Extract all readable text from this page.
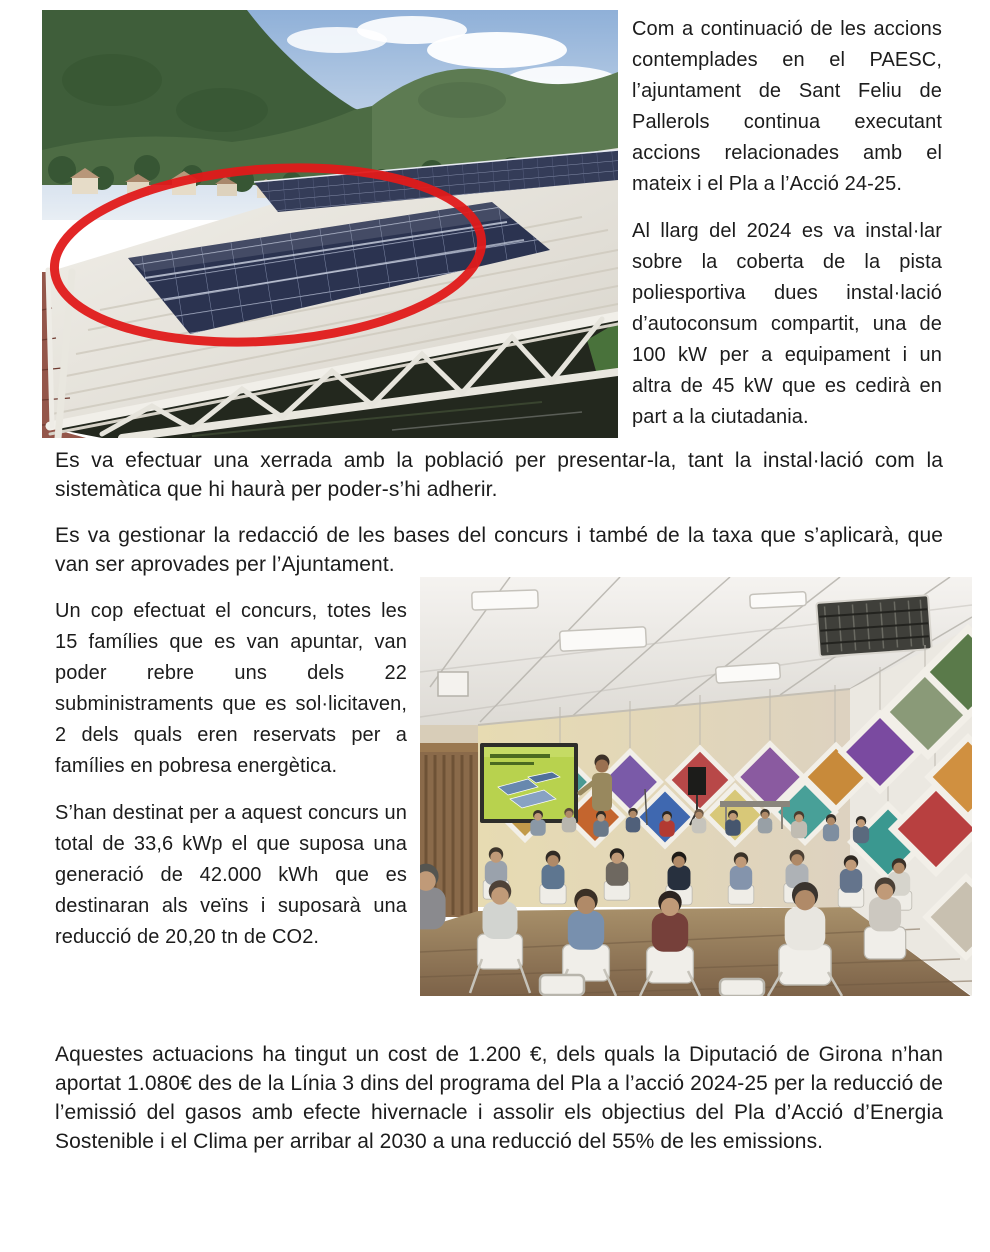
Com a continuació de les accions contemplades en el PAESC, l’ajuntament de Sant Feliu de Pallerols continua executant accions relacionades amb el mateix i el Pla a l’Acció 24-25.
Al llarg del 2024 es va instal·lar sobre la coberta de la pista poliesportiva dues instal·lació d’autoconsum compartit, una de 100 kW per a equipament i un altra de 45 kW que es cedirà en part a la ciutadania.
Es va efectuar una xerrada amb la població per presentar-la, tant la instal·lació com la sistemàtica que hi haurà per poder-s’hi adherir.
Es va gestionar la redacció de les bases del concurs i també de la taxa que s’aplicarà, que van ser aprovades per l’Ajuntament.
Un cop efectuat el concurs, totes les 15 famílies que es van apuntar, van poder rebre uns dels 22 subministraments que es sol·licitaven, 2 dels quals eren reservats per a famílies en pobresa energètica.
S’han destinat per a aquest concurs un total de 33,6 kWp el que suposa una generació de 42.000 kWh que es destinaran als veïns i suposarà una reducció de 20,20 tn de CO2.
Aquestes actuacions ha tingut un cost de 1.200 €, dels quals la Diputació de Girona n’han aportat 1.080€ des de la Línia 3 dins del programa del Pla a l’acció 2024-25 per la reducció de l’emissió del gasos amb efecte hivernacle i assolir els objectius del Pla d’Acció d’Energia Sostenible i el Clima per arribar al 2030 a una reducció del 55% de les emissions.
